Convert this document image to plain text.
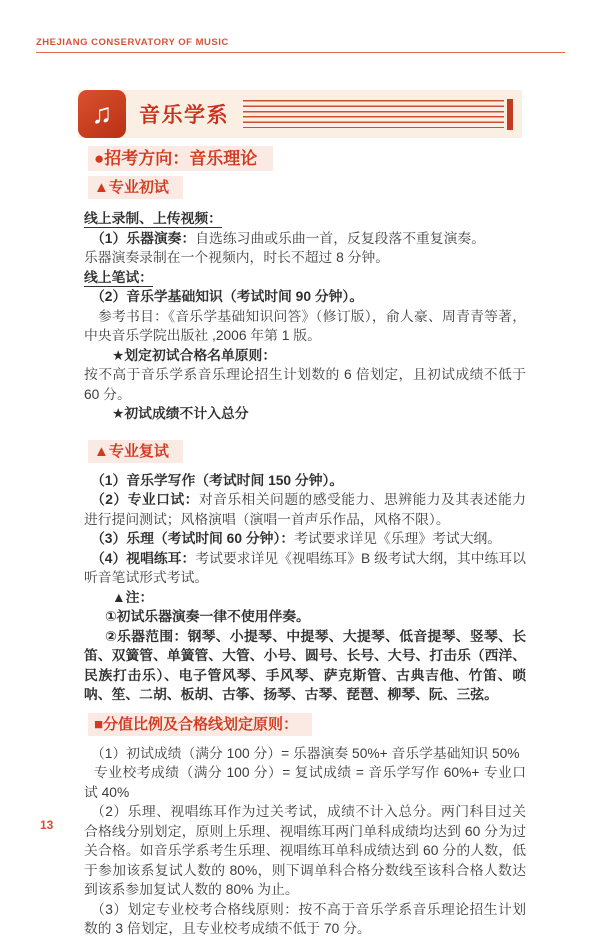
ZHEJIANG CONSERVATORY OF MUSIC
♫	音乐学系
●招考方向：音乐理论
▲专业初试

线上录制、上传视频：

（1）乐器演奏：自选练习曲或乐曲一首，反复段落不重复演奏。

乐器演奏录制在一个视频内，时长不超过 8 分钟。

线上笔试：

（2）音乐学基础知识（考试时间 90 分钟）。

参考书目：《音乐学基础知识问答》（修订版），俞人豪、周青青等著，中央音乐学院出版社 ,2006 年第 1 版。

★划定初试合格名单原则：

按不高于音乐学系音乐理论招生计划数的 6 倍划定，且初试成绩不低于 60 分。

★初试成绩不计入总分

▲专业复试

（1）音乐学写作（考试时间 150 分钟）。

（2）专业口试：对音乐相关问题的感受能力、思辨能力及其表述能力进行提问测试；风格演唱（演唱一首声乐作品，风格不限）。

（3）乐理（考试时间 60 分钟）：考试要求详见《乐理》考试大纲。

（4）视唱练耳：考试要求详见《视唱练耳》B 级考试大纲，其中练耳以听音笔试形式考试。

▲注：

①初试乐器演奏一律不使用伴奏。

②乐器范围：钢琴、小提琴、中提琴、大提琴、低音提琴、竖琴、长笛、双簧管、单簧管、大管、小号、圆号、长号、大号、打击乐（西洋、民族打击乐）、电子管风琴、手风琴、萨克斯管、古典吉他、竹笛、唢呐、笙、二胡、板胡、古筝、扬琴、古琴、琵琶、柳琴、阮、三弦。

■分值比例及合格线划定原则：

（1）初试成绩（满分 100 分）= 乐器演奏 50%+ 音乐学基础知识 50%

专业校考成绩（满分 100 分）= 复试成绩 = 音乐学写作 60%+ 专业口试 40%

（2）乐理、视唱练耳作为过关考试，成绩不计入总分。两门科目过关合格线分别划定，原则上乐理、视唱练耳两门单科成绩均达到 60 分为过关合格。如音乐学系考生乐理、视唱练耳单科成绩达到 60 分的人数，低于参加该系复试人数的 80%，则下调单科合格分数线至该科合格人数达到该系参加复试人数的 80% 为止。

（3）划定专业校考合格线原则：按不高于音乐学系音乐理论招生计划数的 3 倍划定，且专业校考成绩不低于 70 分。

13
